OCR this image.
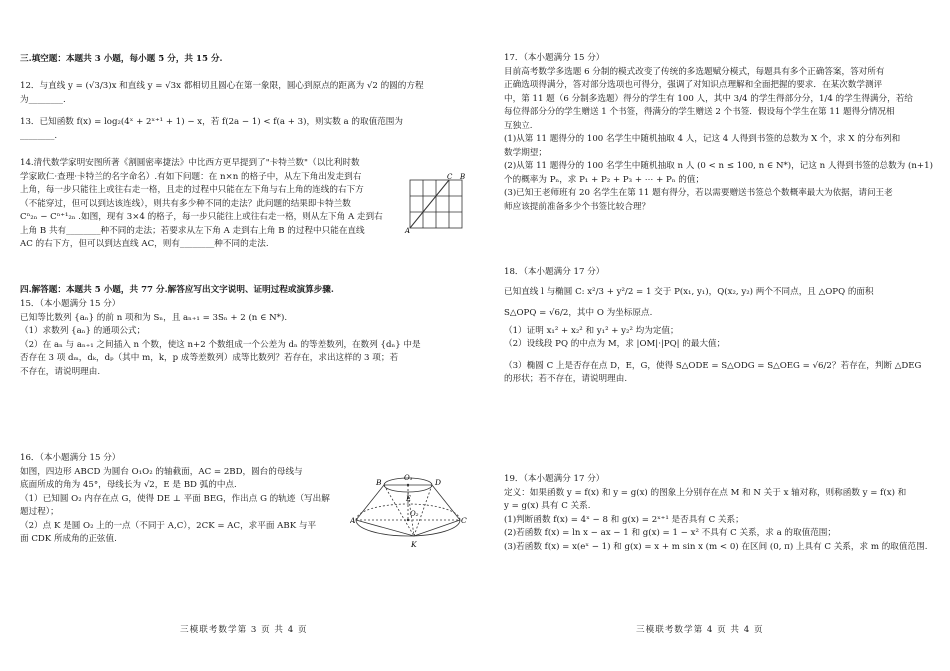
三.填空题：本题共 3 小题，每小题 5 分，共 15 分.

12．与直线 y = (√3/3)x 和直线 y = √3x 都相切且圆心在第一象限，圆心到原点的距离为 √2 的圆的方程

为________.

13．已知函数 f(x) = log₂(4ˣ + 2ˣ⁺¹ + 1) − x，若 f(2a − 1) < f(a + 3)，则实数 a 的取值范围为

________.

14.清代数学家明安图所著《割圆密率捷法》中比西方更早提到了"卡特兰数"（以比利时数

学家欧仁·查理·卡特兰的名字命名）.有如下问题：在 n×n 的格子中，从左下角出发走到右

上角，每一步只能往上或往右走一格，且走的过程中只能在左下角与右上角的连线的右下方

（不能穿过，但可以到达该连线），则共有多少种不同的走法？此问题的结果即卡特兰数

Cⁿ₂ₙ − Cⁿ⁺¹₂ₙ .如图，现有 3×4 的格子，每一步只能往上或往右走一格，则从左下角 A 走到右

上角 B 共有________种不同的走法；若要求从左下角 A 走到右上角 B 的过程中只能在直线

AC 的右下方，但可以到达直线 AC，则有________种不同的走法.

A
C B

四.解答题：本题共 5 小题，共 77 分.解答应写出文字说明、证明过程或演算步骤.

15．（本小题满分 15 分）

已知等比数列 {aₙ} 的前 n 项和为 Sₙ，且 aₙ₊₁ = 3Sₙ + 2 (n ∈ N*).

（1）求数列 {aₙ} 的通项公式；

（2）在 aₙ 与 aₙ₊₁ 之间插入 n 个数，使这 n+2 个数组成一个公差为 dₙ 的等差数列，在数列 {dₙ} 中是

否存在 3 项 dₘ，dₖ，dₚ（其中 m，k，p 成等差数列）成等比数列？若存在，求出这样的 3 项；若

不存在，请说明理由.

16．（本小题满分 15 分）

如图，四边形 ABCD 为圆台 O₁O₂ 的轴截面，AC = 2BD，圆台的母线与

底面所成的角为 45°，母线长为 √2，E 是 BD 弧的中点.

（1）已知圆 O₂ 内存在点 G，使得 DE ⊥ 平面 BEG，作出点 G 的轨迹（写出解

题过程）；

（2）点 K 是圆 O₂ 上的一点（不同于 A,C），2CK = AC，求平面 ABK 与平

面 CDK 所成角的正弦值.

B	O₁	D
E
A
O₂
C
K
三模联考数学第 3 页 共 4 页

17．（本小题满分 15 分）

目前高考数学多选题 6 分制的模式改变了传统的多选题赋分模式，每题具有多个正确答案，答对所有

正确选项得满分，答对部分选项也可得分，强调了对知识点理解和全面把握的要求．在某次数学测评

中，第 11 题（6 分制多选题）得分的学生有 100 人，其中 3/4 的学生得部分分，1/4 的学生得满分，若给

每位得部分分的学生赠送 1 个书签，得满分的学生赠送 2 个书签．假设每个学生在第 11 题得分情况相

互独立.

(1)从第 11 题得分的 100 名学生中随机抽取 4 人，记这 4 人得到书签的总数为 X 个，求 X 的分布列和

数学期望；

(2)从第 11 题得分的 100 名学生中随机抽取 n 人 (0 < n ≤ 100, n ∈ N*)，记这 n 人得到书签的总数为 (n+1)

个的概率为 Pₙ，求 P₁ + P₂ + P₃ + ⋯ + Pₙ 的值；

(3)已知王老师班有 20 名学生在第 11 题有得分，若以需要赠送书签总个数概率最大为依据，请问王老

师应该提前准备多少个书签比较合理？

18．（本小题满分 17 分）

已知直线 l 与椭圆 C: x²/3 + y²/2 = 1 交于 P(x₁, y₁)，Q(x₂, y₂) 两个不同点，且 △OPQ 的面积

S△OPQ = √6/2，其中 O 为坐标原点.

（1）证明 x₁² + x₂² 和 y₁² + y₂² 均为定值；

（2）设线段 PQ 的中点为 M，求 |OM|·|PQ| 的最大值；

（3）椭圆 C 上是否存在点 D，E，G，使得 S△ODE = S△ODG = S△OEG = √6/2？若存在，判断 △DEG

的形状；若不存在，请说明理由.

19．（本小题满分 17 分）

定义：如果函数 y = f(x) 和 y = g(x) 的图象上分别存在点 M 和 N 关于 x 轴对称，则称函数 y = f(x) 和

y = g(x) 具有 C 关系.

(1)判断函数 f(x) = 4ˣ − 8 和 g(x) = 2ˣ⁺¹ 是否具有 C 关系；

(2)若函数 f(x) = ln x − ax − 1 和 g(x) = 1 − x² 不具有 C 关系，求 a 的取值范围；

(3)若函数 f(x) = x(eˣ − 1) 和 g(x) = x + m sin x (m < 0) 在区间 (0, π) 上具有 C 关系，求 m 的取值范围.

三模联考数学第 4 页 共 4 页
